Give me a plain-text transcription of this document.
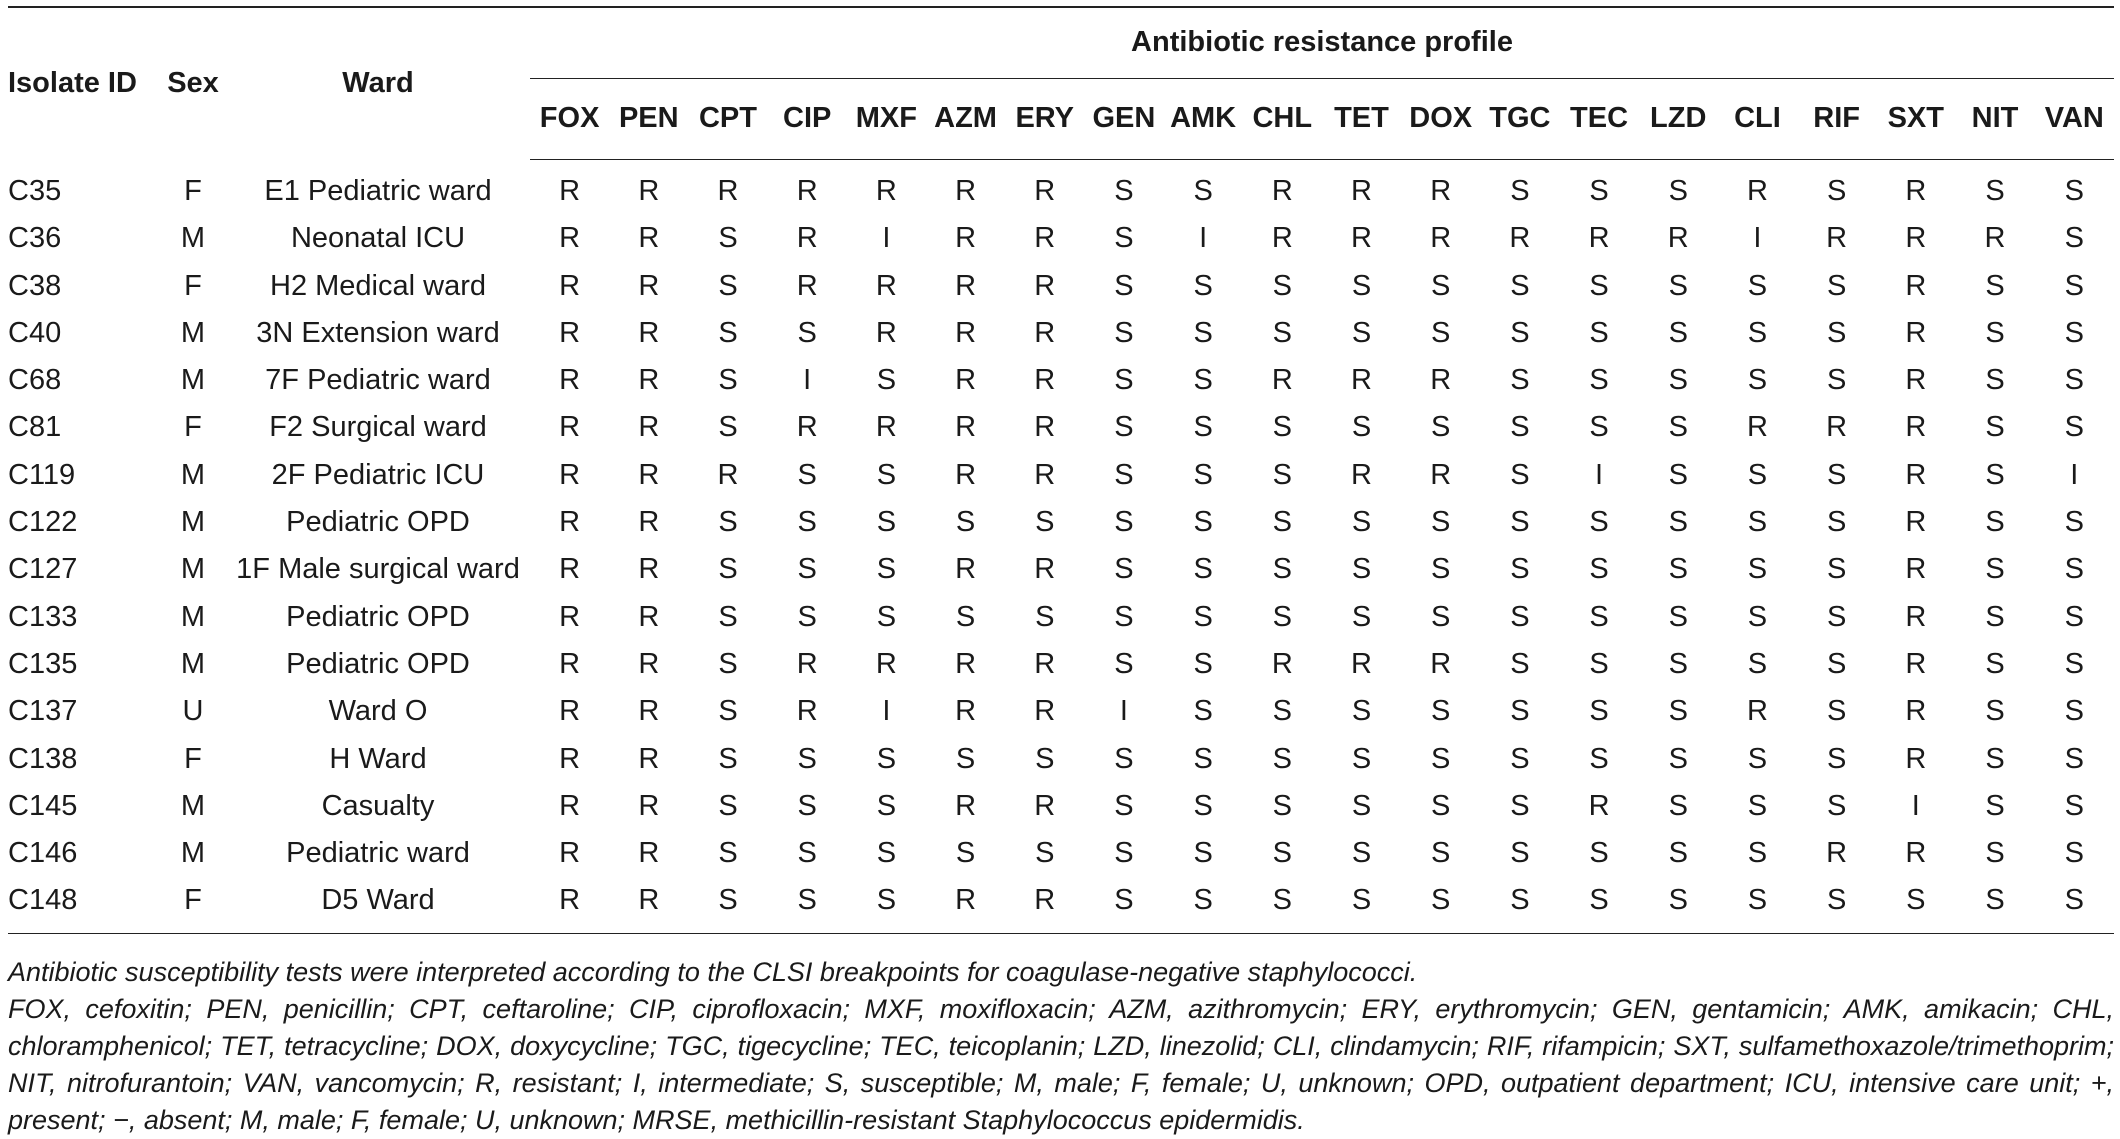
Isolate ID	Sex	Ward	Antibiotic resistance profile																			
			FOX	PEN	CPT	CIP	MXF	AZM	ERY	GEN	AMK	CHL	TET	DOX	TGC	TEC	LZD	CLI	RIF	SXT	NIT	VAN
C35	F	E1 Pediatric ward	R	R	R	R	R	R	R	S	S	R	R	R	S	S	S	R	S	R	S	S
C36	M	Neonatal ICU	R	R	S	R	I	R	R	S	I	R	R	R	R	R	R	I	R	R	R	S
C38	F	H2 Medical ward	R	R	S	R	R	R	R	S	S	S	S	S	S	S	S	S	S	R	S	S
C40	M	3N Extension ward	R	R	S	S	R	R	R	S	S	S	S	S	S	S	S	S	S	R	S	S
C68	M	7F Pediatric ward	R	R	S	I	S	R	R	S	S	R	R	R	S	S	S	S	S	R	S	S
C81	F	F2 Surgical ward	R	R	S	R	R	R	R	S	S	S	S	S	S	S	S	R	R	R	S	S
C119	M	2F Pediatric ICU	R	R	R	S	S	R	R	S	S	S	R	R	S	I	S	S	S	R	S	I
C122	M	Pediatric OPD	R	R	S	S	S	S	S	S	S	S	S	S	S	S	S	S	S	R	S	S
C127	M	1F Male surgical ward	R	R	S	S	S	R	R	S	S	S	S	S	S	S	S	S	S	R	S	S
C133	M	Pediatric OPD	R	R	S	S	S	S	S	S	S	S	S	S	S	S	S	S	S	R	S	S
C135	M	Pediatric OPD	R	R	S	R	R	R	R	S	S	R	R	R	S	S	S	S	S	R	S	S
C137	U	Ward O	R	R	S	R	I	R	R	I	S	S	S	S	S	S	S	R	S	R	S	S
C138	F	H Ward	R	R	S	S	S	S	S	S	S	S	S	S	S	S	S	S	S	R	S	S
C145	M	Casualty	R	R	S	S	S	R	R	S	S	S	S	S	S	R	S	S	S	I	S	S
C146	M	Pediatric ward	R	R	S	S	S	S	S	S	S	S	S	S	S	S	S	S	R	R	S	S
C148	F	D5 Ward	R	R	S	S	S	R	R	S	S	S	S	S	S	S	S	S	S	S	S	S

Antibiotic susceptibility tests were interpreted according to the CLSI breakpoints for coagulase-negative staphylococci.

FOX, cefoxitin; PEN, penicillin; CPT, ceftaroline; CIP, ciprofloxacin; MXF, moxifloxacin; AZM, azithromycin; ERY, erythromycin; GEN, gentamicin; AMK, amikacin; CHL, chloramphenicol; TET, tetracycline; DOX, doxycycline; TGC, tigecycline; TEC, teicoplanin; LZD, linezolid; CLI, clindamycin; RIF, rifampicin; SXT, sulfamethoxazole/trimethoprim; NIT, nitrofurantoin; VAN, vancomycin; R, resistant; I, intermediate; S, susceptible; M, male; F, female; U, unknown; OPD, outpatient department; ICU, intensive care unit; +, present; −, absent; M, male; F, female; U, unknown; MRSE, methicillin-resistant Staphylococcus epidermidis.
